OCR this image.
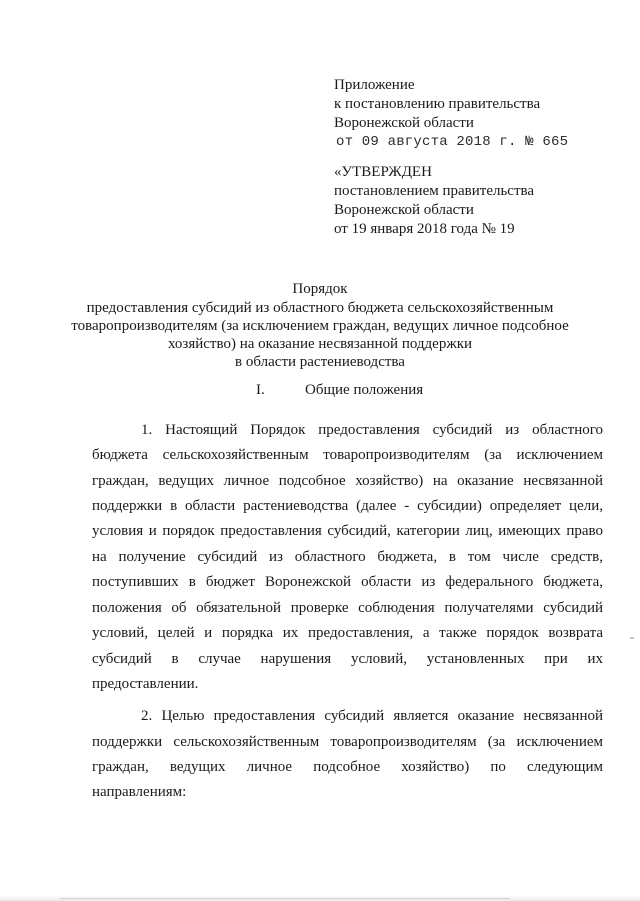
Приложение
к постановлению правительства
Воронежской области
от 09 августа 2018 г. № 665
«УТВЕРЖДЕН
постановлением правительства
Воронежской области
от 19 января 2018 года № 19
Порядок
предоставления субсидий из областного бюджета сельскохозяйственным
товаропроизводителям (за исключением граждан, ведущих личное подсобное
хозяйство) на оказание несвязанной поддержки
в области растениеводства
I.	Общие положения
1. Настоящий Порядок предоставления субсидий из областного
бюджета сельскохозяйственным товаропроизводителям (за исключением
граждан, ведущих личное подсобное хозяйство) на оказание несвязанной
поддержки в области растениеводства (далее - субсидии) определяет цели,
условия и порядок предоставления субсидий, категории лиц, имеющих право
на получение субсидий из областного бюджета, в том числе средств,
поступивших в бюджет Воронежской области из федерального бюджета,
положения об обязательной проверке соблюдения получателями субсидий
условий, целей и порядка их предоставления, а также порядок возврата
субсидий в случае нарушения условий, установленных при их
предоставлении.
2. Целью предоставления субсидий является оказание несвязанной
поддержки сельскохозяйственным товаропроизводителям (за исключением
граждан, ведущих личное подсобное хозяйство) по следующим
направлениям:
